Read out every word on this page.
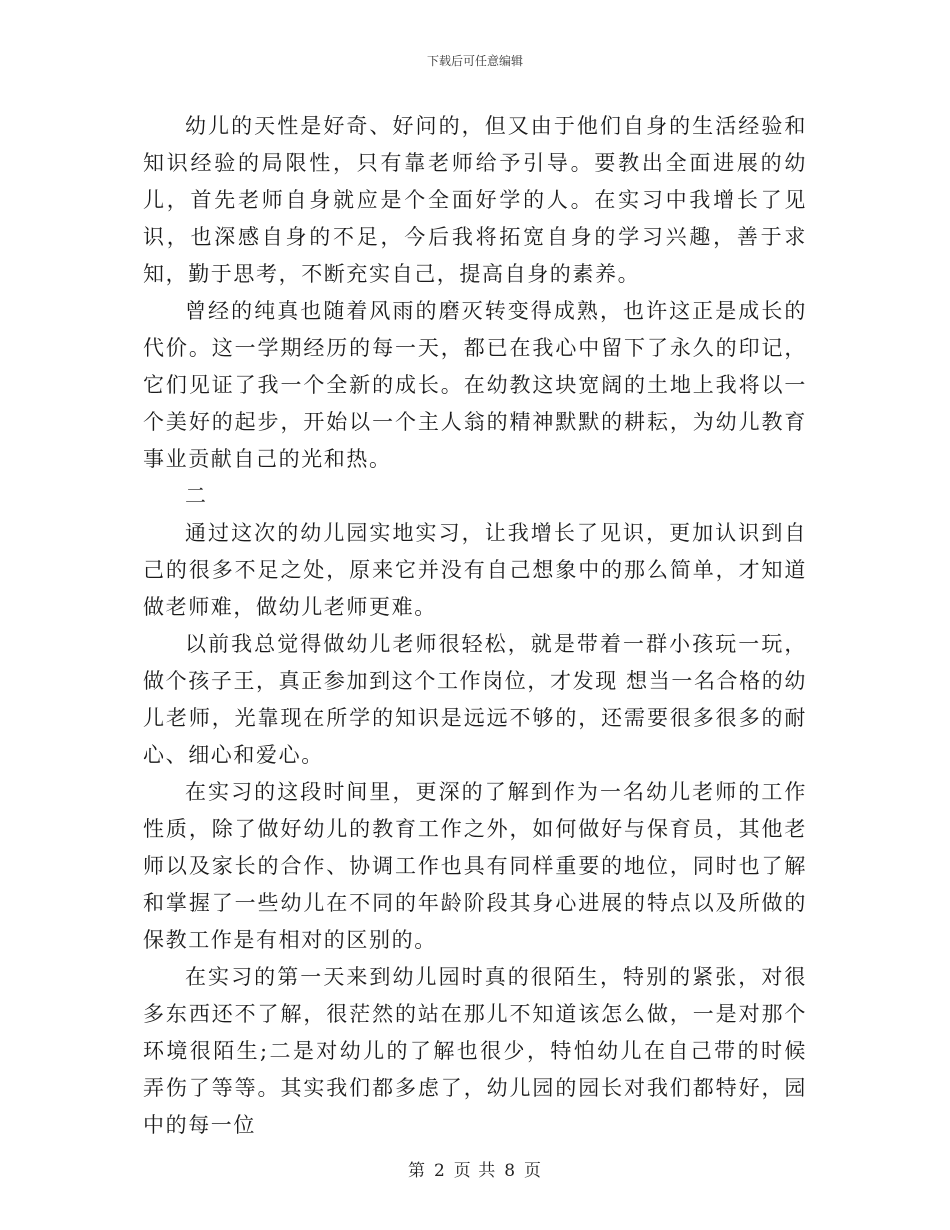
下载后可任意编辑

幼儿的天性是好奇、好问的，但又由于他们自身的生活经验和知识经验的局限性，只有靠老师给予引导。要教出全面进展的幼儿，首先老师自身就应是个全面好学的人。在实习中我增长了见识，也深感自身的不足，今后我将拓宽自身的学习兴趣，善于求知，勤于思考，不断充实自己，提高自身的素养。

曾经的纯真也随着风雨的磨灭转变得成熟，也许这正是成长的代价。这一学期经历的每一天，都已在我心中留下了永久的印记，它们见证了我一个全新的成长。在幼教这块宽阔的土地上我将以一个美好的起步，开始以一个主人翁的精神默默的耕耘，为幼儿教育事业贡献自己的光和热。

二

通过这次的幼儿园实地实习，让我增长了见识，更加认识到自己的很多不足之处，原来它并没有自己想象中的那么简单，才知道做老师难，做幼儿老师更难。

以前我总觉得做幼儿老师很轻松，就是带着一群小孩玩一玩，做个孩子王，真正参加到这个工作岗位，才发现 想当一名合格的幼儿老师，光靠现在所学的知识是远远不够的，还需要很多很多的耐心、细心和爱心。

在实习的这段时间里，更深的了解到作为一名幼儿老师的工作性质，除了做好幼儿的教育工作之外，如何做好与保育员，其他老师以及家长的合作、协调工作也具有同样重要的地位，同时也了解和掌握了一些幼儿在不同的年龄阶段其身心进展的特点以及所做的保教工作是有相对的区别的。

在实习的第一天来到幼儿园时真的很陌生，特别的紧张，对很多东西还不了解，很茫然的站在那儿不知道该怎么做，一是对那个环境很陌生;二是对幼儿的了解也很少，特怕幼儿在自己带的时候弄伤了等等。其实我们都多虑了，幼儿园的园长对我们都特好，园中的每一位

第 2 页 共 8 页
